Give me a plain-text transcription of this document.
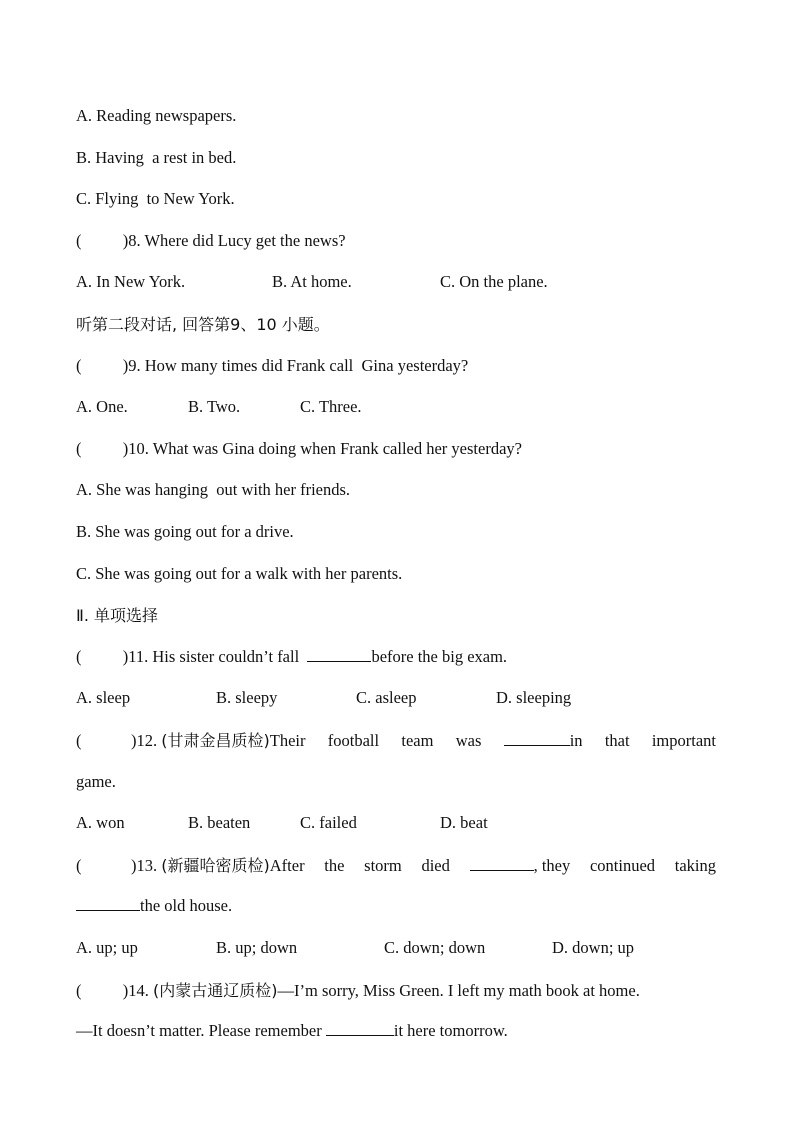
A. Reading newspapers.
B. Having  a rest in bed.
C. Flying  to New York.
(          )8. Where did Lucy get the news?
A. In New York.	B. At home.	C. On the plane.
听第二段对话, 回答第9、10 小题。
(          )9. How many times did Frank call  Gina yesterday?
A. One.	B. Two.	C. Three.
(          )10. What was Gina doing when Frank called her yesterday?
A. She was hanging  out with her friends.
B. She was going out for a drive.
C. She was going out for a walk with her parents.
Ⅱ. 单项选择
(          )11. His sister couldn’t fall	before the big exam.
A. sleep	B. sleepy	C. asleep	D. sleeping
(            )12. (甘肃金昌质检)Their football team was	in that important
game.
A. won	B. beaten	C. failed	D. beat
(            )13. (新疆哈密质检)After the storm died	, they continued taking
the old house.
A. up; up	B. up; down	C. down; down	D. down; up
(          )14. (内蒙古通辽质检)—I’m sorry, Miss Green. I left my math book at home.
—It doesn’t matter. Please remember	it here tomorrow.
